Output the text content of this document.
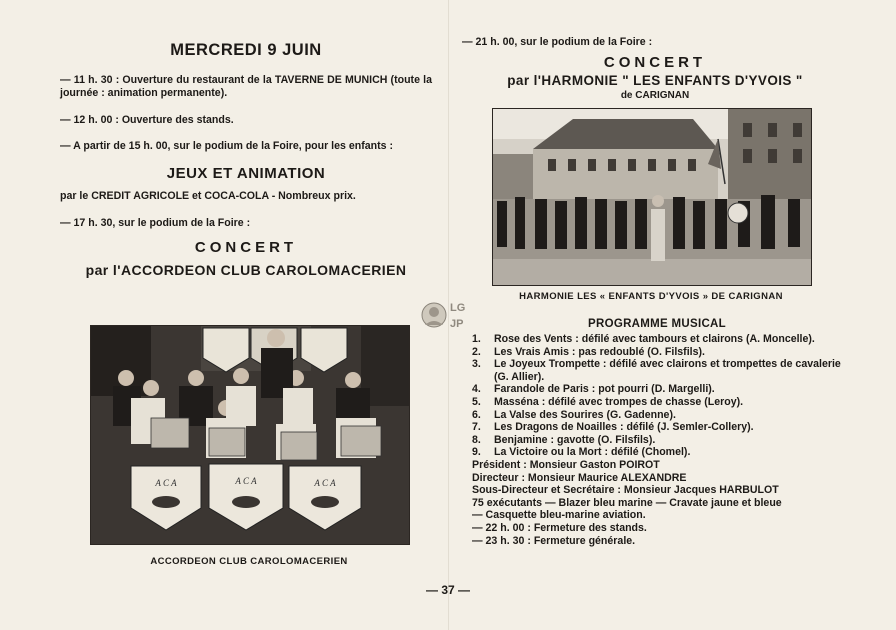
MERCREDI 9 JUIN

— 11 h. 30 : Ouverture du restaurant de la TAVERNE DE MUNICH (toute la journée : animation permanente).

— 12 h. 00 : Ouverture des stands.

— A partir de 15 h. 00, sur le podium de la Foire, pour les enfants :

JEUX ET ANIMATION

par le CREDIT AGRICOLE et COCA-COLA - Nombreux prix.

— 17 h. 30, sur le podium de la Foire :

CONCERT

par l'ACCORDEON CLUB CAROLOMACERIEN

LG
JP
A C A	A C A	A C A
ACCORDEON CLUB CAROLOMACERIEN

— 21 h. 00, sur le podium de la Foire :

CONCERT

par l'HARMONIE " LES ENFANTS D'YVOIS "

de CARIGNAN

HARMONIE LES « ENFANTS D'YVOIS » DE CARIGNAN

PROGRAMME MUSICAL

1.	Rose des Vents : défilé avec tambours et clairons (A. Moncelle).
2.	Les Vrais Amis : pas redoublé (O. Filsfils).
3.	Le Joyeux Trompette : défilé avec clairons et trompettes de cavalerie (G. Allier).
4.	Farandole de Paris : pot pourri (D. Margelli).
5.	Masséna : défilé avec trompes de chasse (Leroy).
6.	La Valse des Sourires (G. Gadenne).
7.	Les Dragons de Noailles : défilé (J. Semler-Collery).
8.	Benjamine : gavotte (O. Filsfils).
9.	La Victoire ou la Mort : défilé (Chomel).
Président : Monsieur Gaston POIROT
Directeur : Monsieur Maurice ALEXANDRE
Sous-Directeur et Secrétaire : Monsieur Jacques HARBULOT
75 exécutants — Blazer bleu marine — Cravate jaune et bleue
— Casquette bleu-marine aviation.
— 22 h. 00 : Fermeture des stands.
— 23 h. 30 : Fermeture générale.
— 37 —
